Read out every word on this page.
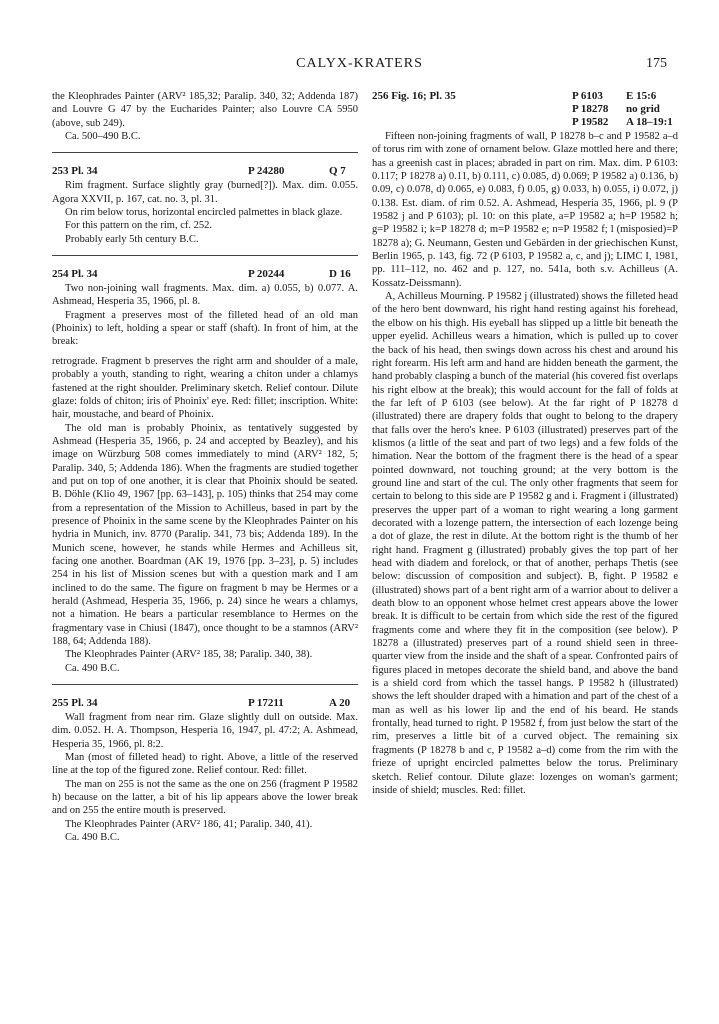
CALYX-KRATERS	175

the Kleophrades Painter (ARV² 185,32; Paralip. 340, 32; Addenda 187) and Louvre G 47 by the Eucharides Painter; also Louvre CA 5950 (above, sub 249).

Ca. 500–490 B.C.

253 Pl. 34	P 24280	Q 7

Rim fragment. Surface slightly gray (burned[?]). Max. dim. 0.055. Agora XXVII, p. 167, cat. no. 3, pl. 31.

On rim below torus, horizontal encircled palmettes in black glaze.

For this pattern on the rim, cf. 252.

Probably early 5th century B.C.

254 Pl. 34	P 20244	D 16

Two non-joining wall fragments. Max. dim. a) 0.055, b) 0.077. A. Ashmead, Hesperia 35, 1966, pl. 8.

Fragment a preserves most of the filleted head of an old man (Phoinix) to left, holding a spear or staff (shaft). In front of him, at the break:

retrograde. Fragment b preserves the right arm and shoulder of a male, probably a youth, standing to right, wearing a chiton under a chlamys fastened at the right shoulder. Preliminary sketch. Relief contour. Dilute glaze: folds of chiton; iris of Phoinix' eye. Red: fillet; inscription. White: hair, moustache, and beard of Phoinix.

The old man is probably Phoinix, as tentatively suggested by Ashmead (Hesperia 35, 1966, p. 24 and accepted by Beazley), and his image on Würzburg 508 comes immediately to mind (ARV² 182, 5; Paralip. 340, 5; Addenda 186). When the fragments are studied together and put on top of one another, it is clear that Phoinix should be seated. B. Döhle (Klio 49, 1967 [pp. 63–143], p. 105) thinks that 254 may come from a representation of the Mission to Achilleus, based in part by the presence of Phoinix in the same scene by the Kleophrades Painter on his hydria in Munich, inv. 8770 (Paralip. 341, 73 bis; Addenda 189). In the Munich scene, however, he stands while Hermes and Achilleus sit, facing one another. Boardman (AK 19, 1976 [pp. 3–23], p. 5) includes 254 in his list of Mission scenes but with a question mark and I am inclined to do the same. The figure on fragment b may be Hermes or a herald (Ashmead, Hesperia 35, 1966, p. 24) since he wears a chlamys, not a himation. He bears a particular resemblance to Hermes on the fragmentary vase in Chiusi (1847), once thought to be a stamnos (ARV² 188, 64; Addenda 188).

The Kleophrades Painter (ARV² 185, 38; Paralip. 340, 38).

Ca. 490 B.C.

255 Pl. 34	P 17211	A 20

Wall fragment from near rim. Glaze slightly dull on outside. Max. dim. 0.052. H. A. Thompson, Hesperia 16, 1947, pl. 47:2; A. Ashmead, Hesperia 35, 1966, pl. 8:2.

Man (most of filleted head) to right. Above, a little of the reserved line at the top of the figured zone. Relief contour. Red: fillet.

The man on 255 is not the same as the one on 256 (fragment P 19582 h) because on the latter, a bit of his lip appears above the lower break and on 255 the entire mouth is preserved.

The Kleophrades Painter (ARV² 186, 41; Paralip. 340, 41).

Ca. 490 B.C.

256 Fig. 16; Pl. 35	P 6103 E 15:6
P 18278 no grid
P 19582 A 18–19:1

Fifteen non-joining fragments of wall, P 18278 b–c and P 19582 a–d of torus rim with zone of ornament below. Glaze mottled here and there; has a greenish cast in places; abraded in part on rim. Max. dim. P 6103: 0.117; P 18278 a) 0.11, b) 0.111, c) 0.085, d) 0.069; P 19582 a) 0.136, b) 0.09, c) 0.078, d) 0.065, e) 0.083, f) 0.05, g) 0.033, h) 0.055, i) 0.072, j) 0.138. Est. diam. of rim 0.52. A. Ashmead, Hesperia 35, 1966, pl. 9 (P 19582 j and P 6103); pl. 10: on this plate, a=P 19582 a; h=P 19582 h; g=P 19582 i; k=P 18278 d; m=P 19582 e; n=P 19582 f; l (misposied)=P 18278 a); G. Neumann, Gesten und Gebärden in der griechischen Kunst, Berlin 1965, p. 143, fig. 72 (P 6103, P 19582 a, c, and j); LIMC I, 1981, pp. 111–112, no. 462 and p. 127, no. 541a, both s.v. Achilleus (A. Kossatz-Deissmann).

A, Achilleus Mourning. P 19582 j (illustrated) shows the filleted head of the hero bent downward, his right hand resting against his forehead, the elbow on his thigh. His eyeball has slipped up a little bit beneath the upper eyelid. Achilleus wears a himation, which is pulled up to cover the back of his head, then swings down across his chest and around his right forearm. His left arm and hand are hidden beneath the garment, the hand probably clasping a bunch of the material (his covered fist overlaps his right elbow at the break); this would account for the fall of folds at the far left of P 6103 (see below). At the far right of P 18278 d (illustrated) there are drapery folds that ought to belong to the drapery that falls over the hero's knee. P 6103 (illustrated) preserves part of the klismos (a little of the seat and part of two legs) and a few folds of the himation. Near the bottom of the fragment there is the head of a spear pointed downward, not touching ground; at the very bottom is the ground line and start of the cul. The only other fragments that seem for certain to belong to this side are P 19582 g and i. Fragment i (illustrated) preserves the upper part of a woman to right wearing a long garment decorated with a lozenge pattern, the intersection of each lozenge being a dot of glaze, the rest in dilute. At the bottom right is the thumb of her right hand. Fragment g (illustrated) probably gives the top part of her head with diadem and forelock, or that of another, perhaps Thetis (see below: discussion of composition and subject). B, fight. P 19582 e (illustrated) shows part of a bent right arm of a warrior about to deliver a death blow to an opponent whose helmet crest appears above the lower break. It is difficult to be certain from which side the rest of the figured fragments come and where they fit in the composition (see below). P 18278 a (illustrated) preserves part of a round shield seen in three-quarter view from the inside and the shaft of a spear. Confronted pairs of figures placed in metopes decorate the shield band, and above the band is a shield cord from which the tassel hangs. P 19582 h (illustrated) shows the left shoulder draped with a himation and part of the chest of a man as well as his lower lip and the end of his beard. He stands frontally, head turned to right. P 19582 f, from just below the start of the rim, preserves a little bit of a curved object. The remaining six fragments (P 18278 b and c, P 19582 a–d) come from the rim with the frieze of upright encircled palmettes below the torus. Preliminary sketch. Relief contour. Dilute glaze: lozenges on woman's garment; inside of shield; muscles. Red: fillet.
